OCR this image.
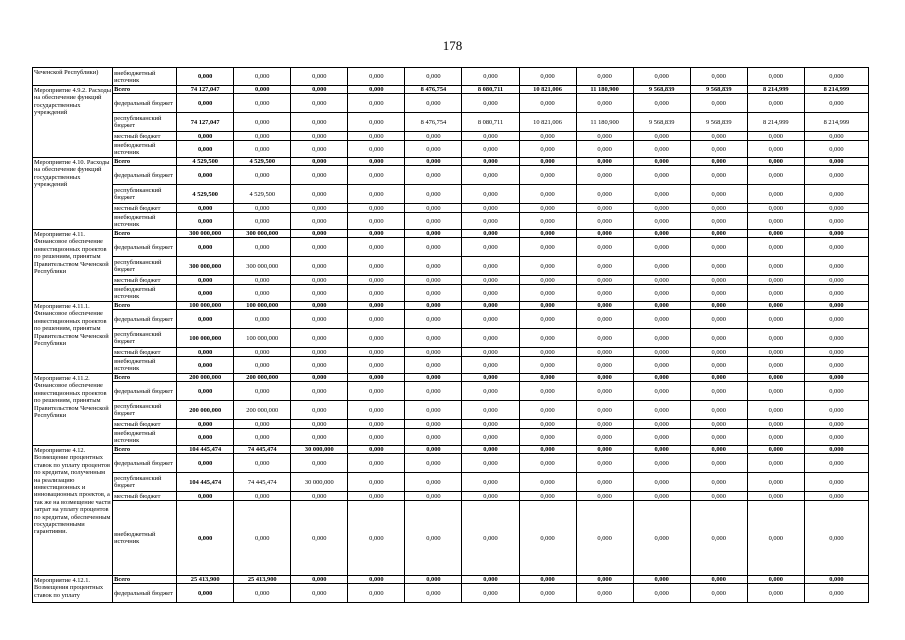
178
Чеченской Республики)	внебюджетный источник	0,000	0,000	0,000	0,000	0,000	0,000	0,000	0,000	0,000	0,000	0,000	0,000
Мероприятие 4.9.2. Расходы на обеспечение функций государственных учреждений	Всего	74 127,047	0,000	0,000	0,000	8 476,754	8 080,711	10 821,006	11 180,900	9 568,839	9 568,839	8 214,999	8 214,999
	федеральный бюджет	0,000	0,000	0,000	0,000	0,000	0,000	0,000	0,000	0,000	0,000	0,000	0,000
	республиканский бюджет	74 127,047	0,000	0,000	0,000	8 476,754	8 080,711	10 821,006	11 180,900	9 568,839	9 568,839	8 214,999	8 214,999
	местный бюджет	0,000	0,000	0,000	0,000	0,000	0,000	0,000	0,000	0,000	0,000	0,000	0,000
	внебюджетный источник	0,000	0,000	0,000	0,000	0,000	0,000	0,000	0,000	0,000	0,000	0,000	0,000
Мероприятие 4.10. Расходы на обеспечение функций государственных учреждений	Всего	4 529,500	4 529,500	0,000	0,000	0,000	0,000	0,000	0,000	0,000	0,000	0,000	0,000
	федеральный бюджет	0,000	0,000	0,000	0,000	0,000	0,000	0,000	0,000	0,000	0,000	0,000	0,000
	республиканский бюджет	4 529,500	4 529,500	0,000	0,000	0,000	0,000	0,000	0,000	0,000	0,000	0,000	0,000
	местный бюджет	0,000	0,000	0,000	0,000	0,000	0,000	0,000	0,000	0,000	0,000	0,000	0,000
	внебюджетный источник	0,000	0,000	0,000	0,000	0,000	0,000	0,000	0,000	0,000	0,000	0,000	0,000
Мероприятие 4.11. Финансовое обеспечение инвестиционных проектов по решениям, принятым Правительством Чеченской Республики	Всего	300 000,000	300 000,000	0,000	0,000	0,000	0,000	0,000	0,000	0,000	0,000	0,000	0,000
	федеральный бюджет	0,000	0,000	0,000	0,000	0,000	0,000	0,000	0,000	0,000	0,000	0,000	0,000
	республиканский бюджет	300 000,000	300 000,000	0,000	0,000	0,000	0,000	0,000	0,000	0,000	0,000	0,000	0,000
	местный бюджет	0,000	0,000	0,000	0,000	0,000	0,000	0,000	0,000	0,000	0,000	0,000	0,000
	внебюджетный источник	0,000	0,000	0,000	0,000	0,000	0,000	0,000	0,000	0,000	0,000	0,000	0,000
Мероприятие 4.11.1. Финансовое обеспечение инвестиционных проектов по решениям, принятым Правительством Чеченской Республики	Всего	100 000,000	100 000,000	0,000	0,000	0,000	0,000	0,000	0,000	0,000	0,000	0,000	0,000
	федеральный бюджет	0,000	0,000	0,000	0,000	0,000	0,000	0,000	0,000	0,000	0,000	0,000	0,000
	республиканский бюджет	100 000,000	100 000,000	0,000	0,000	0,000	0,000	0,000	0,000	0,000	0,000	0,000	0,000
	местный бюджет	0,000	0,000	0,000	0,000	0,000	0,000	0,000	0,000	0,000	0,000	0,000	0,000
	внебюджетный источник	0,000	0,000	0,000	0,000	0,000	0,000	0,000	0,000	0,000	0,000	0,000	0,000
Мероприятие 4.11.2. Финансовое обеспечение инвестиционных проектов по решениям, принятым Правительством Чеченской Республики	Всего	200 000,000	200 000,000	0,000	0,000	0,000	0,000	0,000	0,000	0,000	0,000	0,000	0,000
	федеральный бюджет	0,000	0,000	0,000	0,000	0,000	0,000	0,000	0,000	0,000	0,000	0,000	0,000
	республиканский бюджет	200 000,000	200 000,000	0,000	0,000	0,000	0,000	0,000	0,000	0,000	0,000	0,000	0,000
	местный бюджет	0,000	0,000	0,000	0,000	0,000	0,000	0,000	0,000	0,000	0,000	0,000	0,000
	внебюджетный источник	0,000	0,000	0,000	0,000	0,000	0,000	0,000	0,000	0,000	0,000	0,000	0,000
Мероприятие 4.12. Возмещение процентных ставок по уплату процентов по кредитам, полученным на реализацию инвестиционных и инновационных проектов, а так же на возмещение части затрат на уплату процентов по кредитам, обеспеченным государственными гарантиями.	Всего	104 445,474	74 445,474	30 000,000	0,000	0,000	0,000	0,000	0,000	0,000	0,000	0,000	0,000
	федеральный бюджет	0,000	0,000	0,000	0,000	0,000	0,000	0,000	0,000	0,000	0,000	0,000	0,000
	республиканский бюджет	104 445,474	74 445,474	30 000,000	0,000	0,000	0,000	0,000	0,000	0,000	0,000	0,000	0,000
	местный бюджет	0,000	0,000	0,000	0,000	0,000	0,000	0,000	0,000	0,000	0,000	0,000	0,000
	внебюджетный источник	0,000	0,000	0,000	0,000	0,000	0,000	0,000	0,000	0,000	0,000	0,000	0,000
Мероприятие 4.12.1. Возмещения процентных ставок по уплату	Всего	25 413,900	25 413,900	0,000	0,000	0,000	0,000	0,000	0,000	0,000	0,000	0,000	0,000
	федеральный бюджет	0,000	0,000	0,000	0,000	0,000	0,000	0,000	0,000	0,000	0,000	0,000	0,000
